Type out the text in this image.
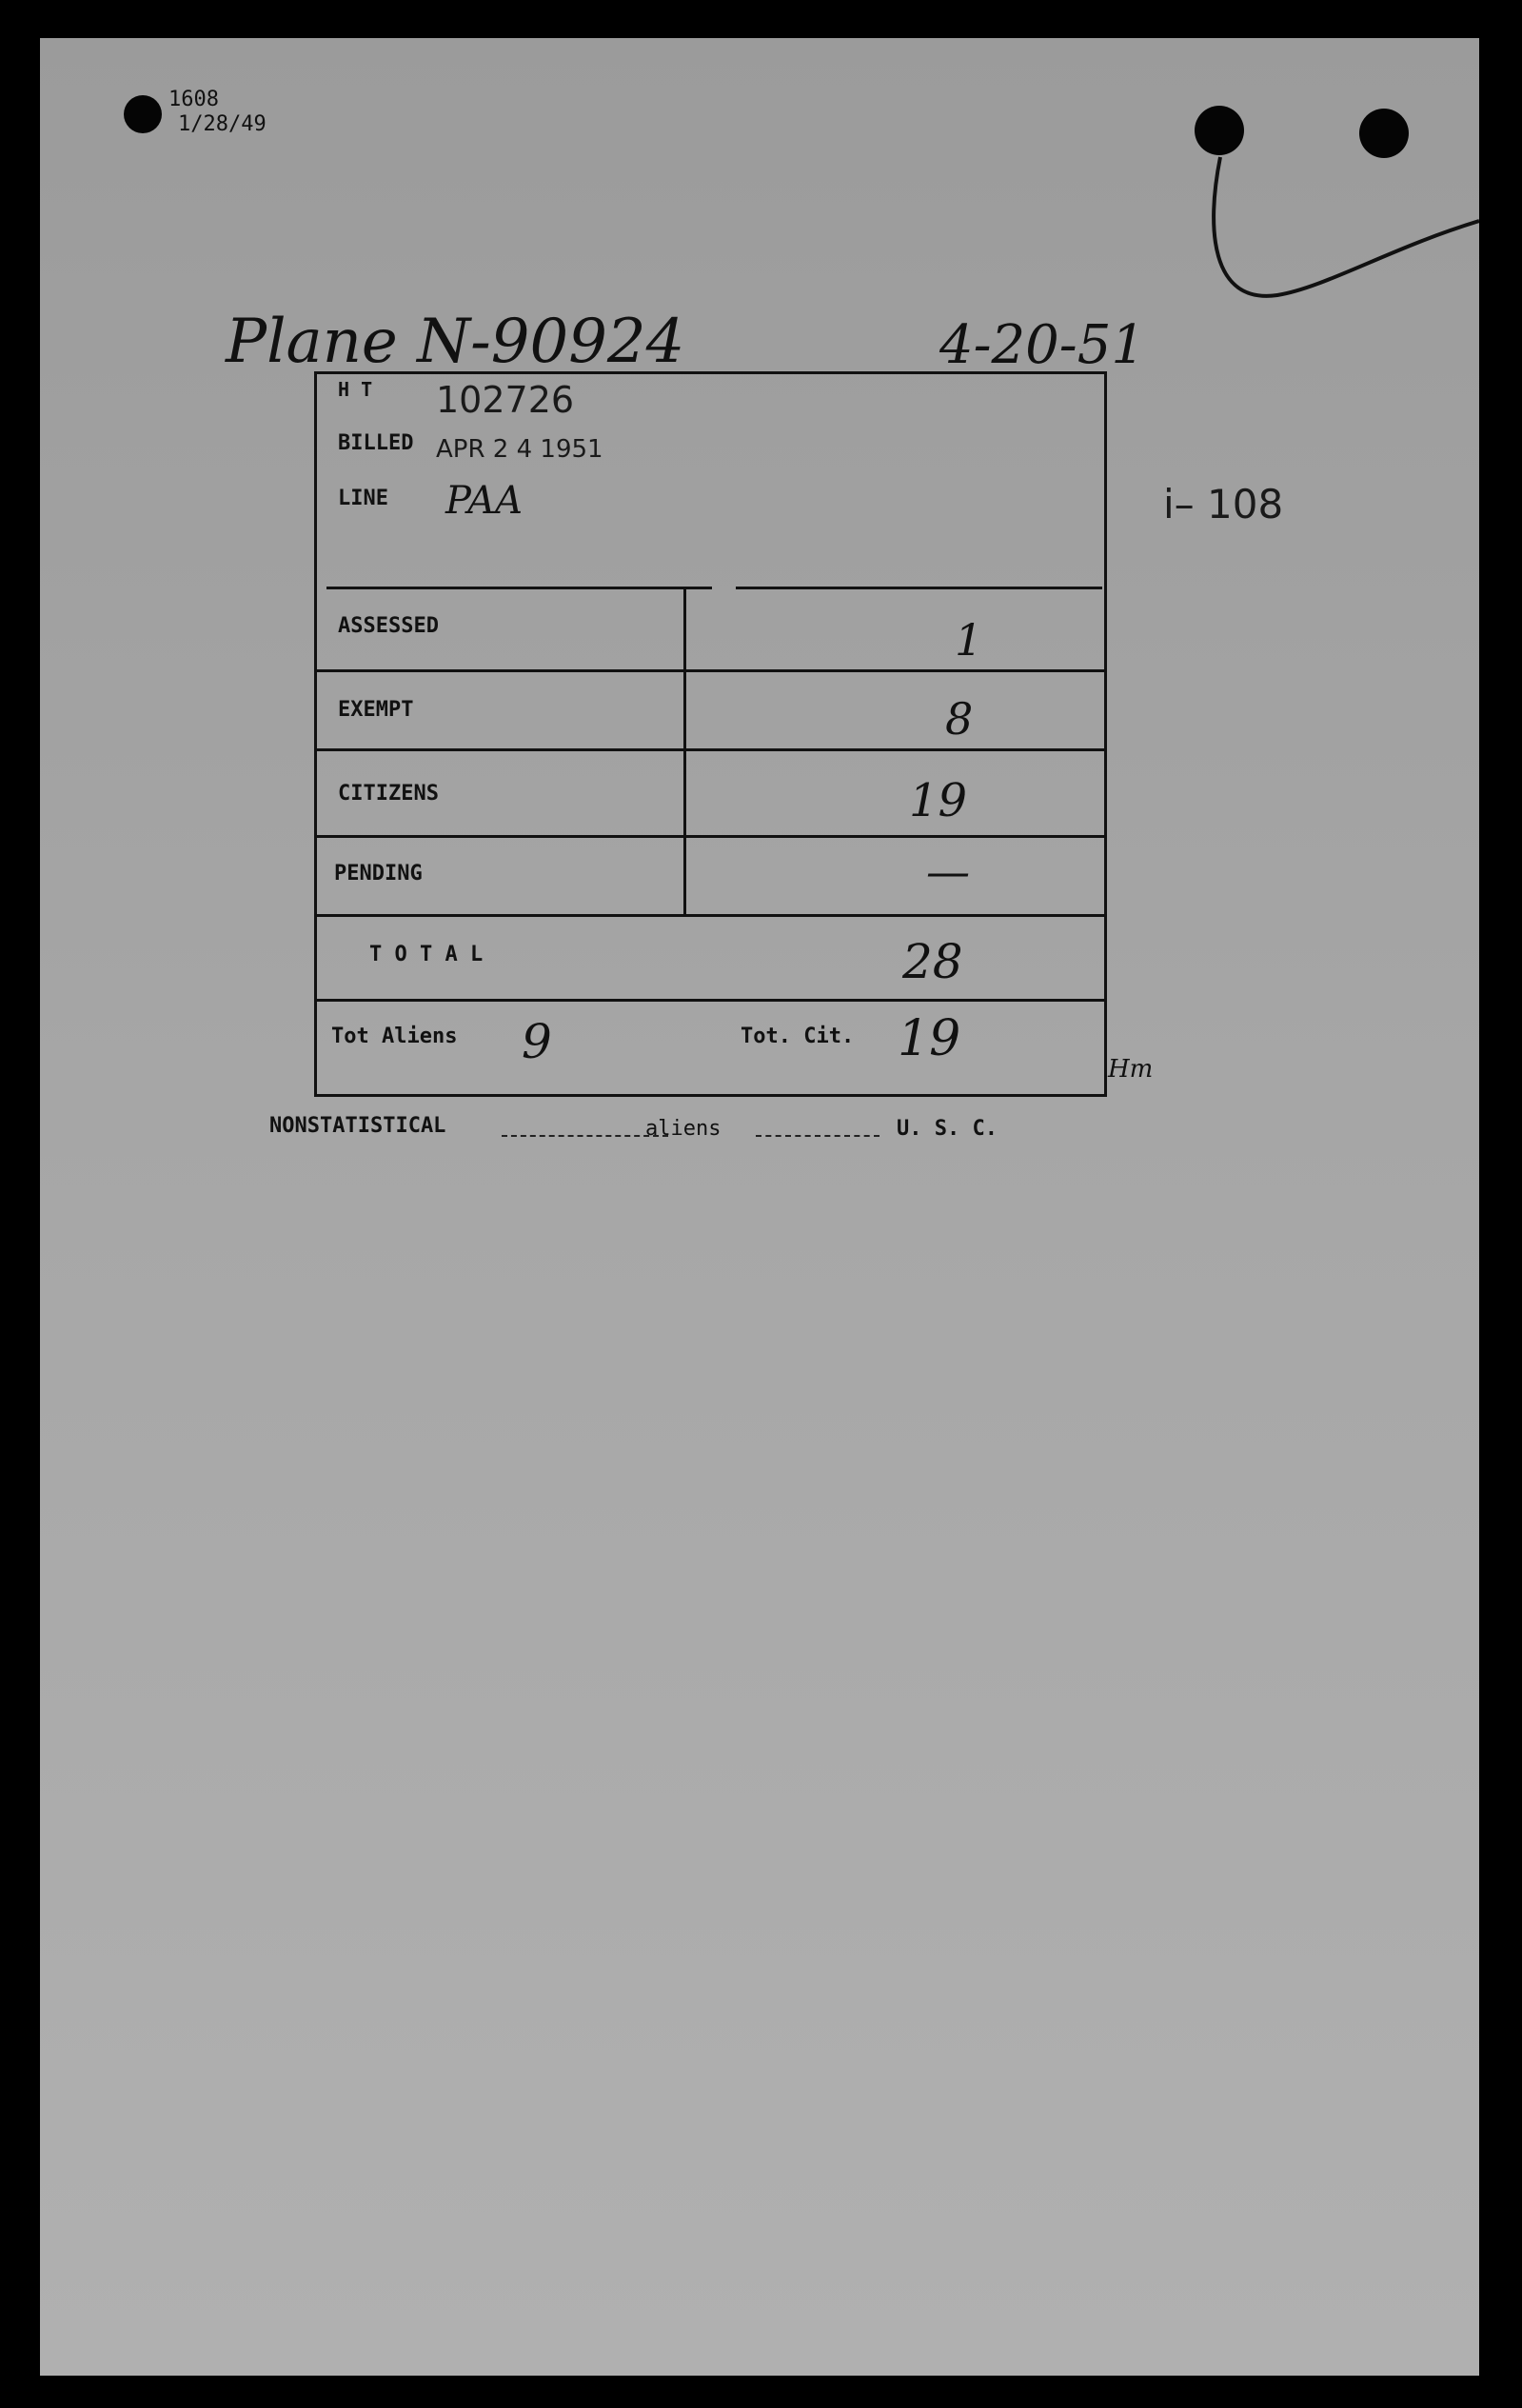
1608
1/28/49
Plane N-90924	4-20-51
H T 102726
BILLED APR 2 4 1951
LINE PAA
ASSESSED	1
EXEMPT	8
CITIZENS	19
PENDING	—
T O T A L	28
Tot Aliens 9	Tot. Cit. 19
Hm
i– 108
NONSTATISTICAL	aliens	U. S. C.
